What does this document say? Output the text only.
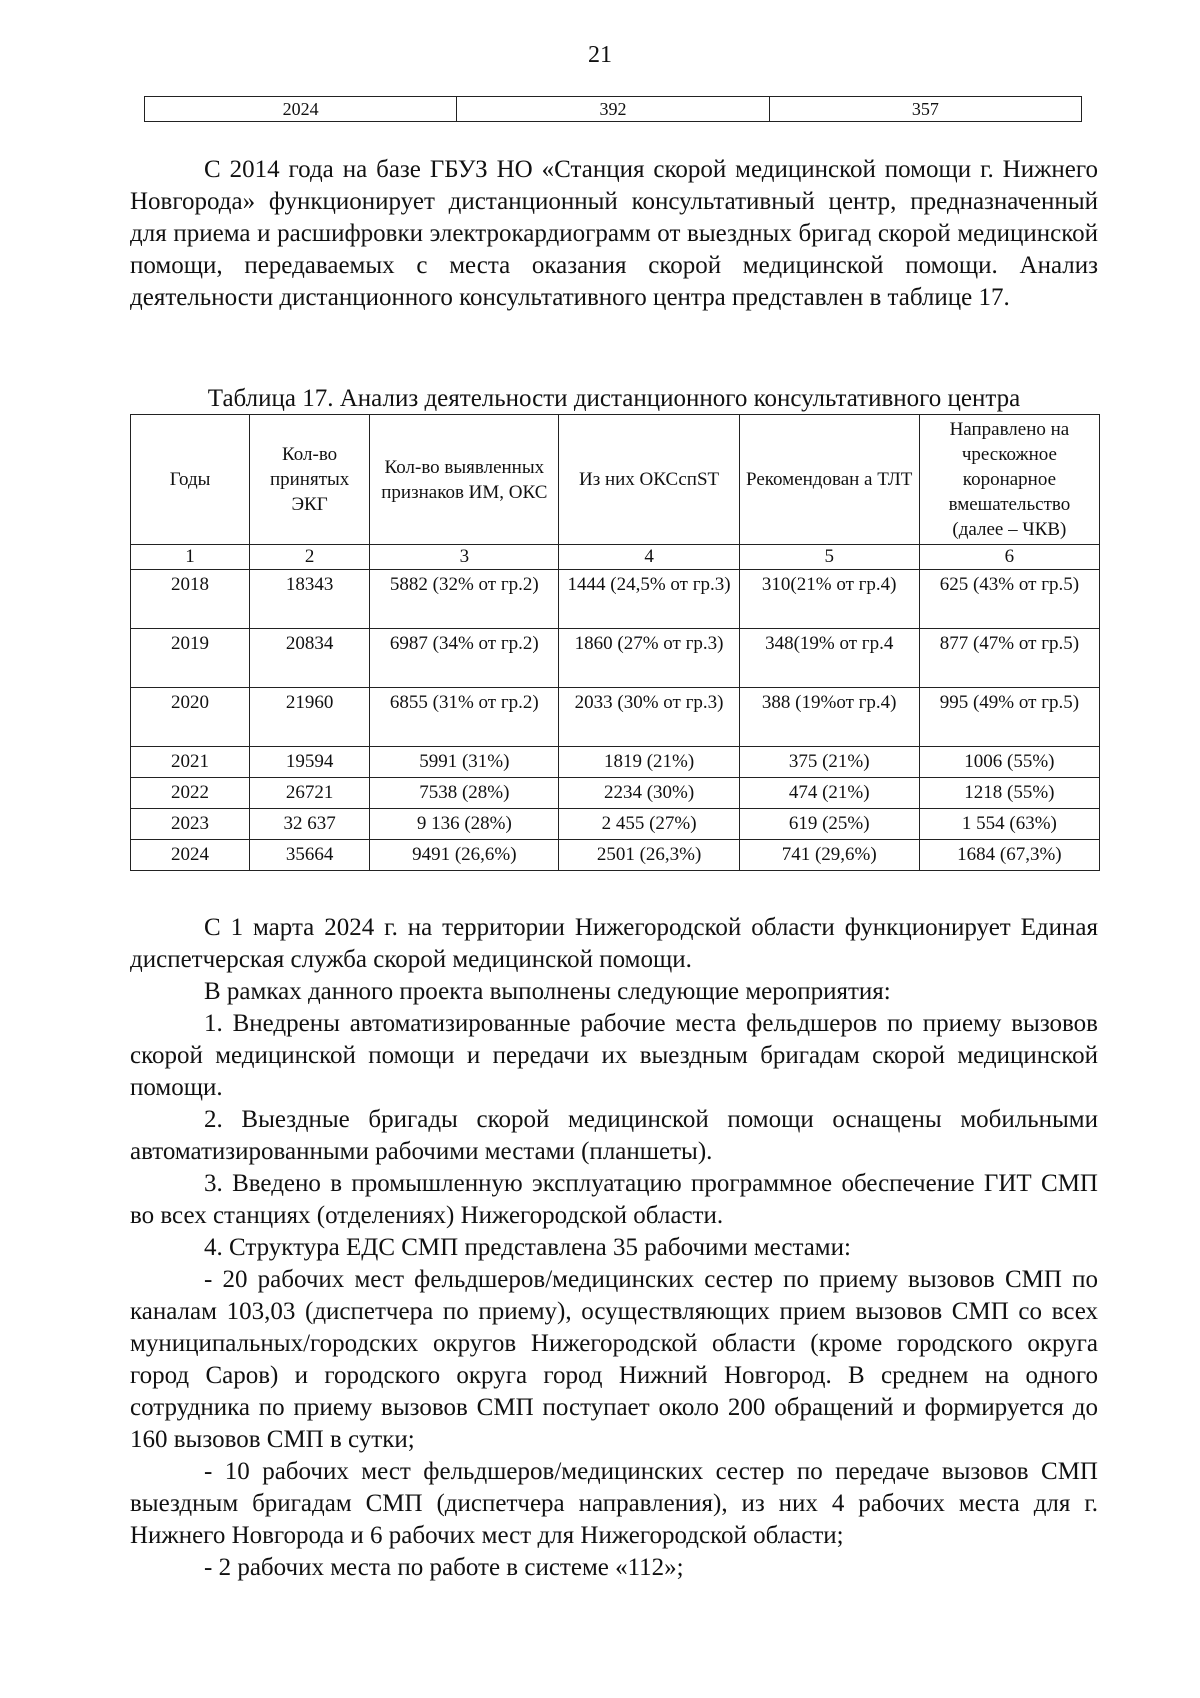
21
2024	392	357

С 2014 года на базе ГБУЗ НО «Станция скорой медицинской помощи г. Нижнего Новгорода» функционирует дистанционный консультативный центр, предназначенный для приема и расшифровки электрокардиограмм от выездных бригад скорой медицинской помощи, передаваемых с места оказания скорой медицинской помощи. Анализ деятельности дистанционного консультативного центра представлен в таблице 17.

Таблица 17. Анализ деятельности дистанционного консультативного центра
Годы	Кол-во принятых ЭКГ	Кол-во выявленных признаков ИМ, ОКС	Из них ОКСспST	Рекомендован а ТЛТ	Направлено на чрескожное коронарное вмешательство (далее – ЧКВ)
1	2	3	4	5	6
2018	18343	5882 (32% от гр.2)	1444 (24,5% от гр.3)	310(21% от гр.4)	625 (43% от гр.5)
2019	20834	6987 (34% от гр.2)	1860 (27% от гр.3)	348(19% от гр.4	877 (47% от гр.5)
2020	21960	6855 (31% от гр.2)	2033 (30% от гр.3)	388 (19%от гр.4)	995 (49% от гр.5)
2021	19594	5991 (31%)	1819 (21%)	375 (21%)	1006 (55%)
2022	26721	7538 (28%)	2234 (30%)	474 (21%)	1218 (55%)
2023	32 637	9 136 (28%)	2 455 (27%)	619 (25%)	1 554 (63%)
2024	35664	9491 (26,6%)	2501 (26,3%)	741 (29,6%)	1684 (67,3%)

С 1 марта 2024 г. на территории Нижегородской области функционирует Единая диспетчерская служба скорой медицинской помощи.

В рамках данного проекта выполнены следующие мероприятия:

1. Внедрены автоматизированные рабочие места фельдшеров по приему вызовов скорой медицинской помощи и передачи их выездным бригадам скорой медицинской помощи.

2. Выездные бригады скорой медицинской помощи оснащены мобильными автоматизированными рабочими местами (планшеты).

3. Введено в промышленную эксплуатацию программное обеспечение ГИТ СМП во всех станциях (отделениях) Нижегородской области.

4. Структура ЕДС СМП представлена 35 рабочими местами:

- 20 рабочих мест фельдшеров/медицинских сестер по приему вызовов СМП по каналам 103,03 (диспетчера по приему), осуществляющих прием вызовов СМП со всех муниципальных/городских округов Нижегородской области (кроме городского округа город Саров) и городского округа город Нижний Новгород. В среднем на одного сотрудника по приему вызовов СМП поступает около 200 обращений и формируется до 160 вызовов СМП в сутки;

- 10 рабочих мест фельдшеров/медицинских сестер по передаче вызовов СМП выездным бригадам СМП (диспетчера направления), из них 4 рабочих места для г. Нижнего Новгорода и 6 рабочих мест для Нижегородской области;

- 2 рабочих места по работе в системе «112»;
